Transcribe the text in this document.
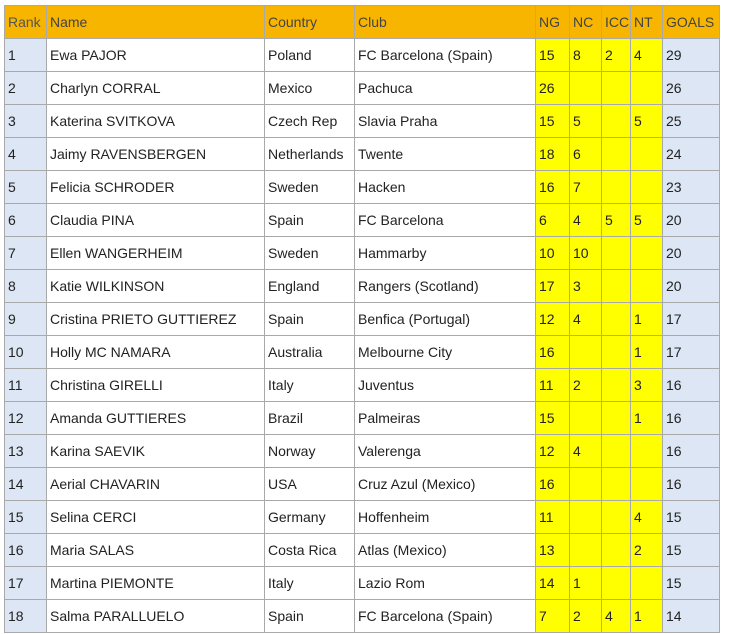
Rank	Name	Country	Club	NG	NC	ICC	NT	GOALS
1	Ewa PAJOR	Poland	FC Barcelona (Spain)	15	8	2	4	29
2	Charlyn CORRAL	Mexico	Pachuca	26				26
3	Katerina SVITKOVA	Czech Rep	Slavia Praha	15	5		5	25
4	Jaimy RAVENSBERGEN	Netherlands	Twente	18	6			24
5	Felicia SCHRODER	Sweden	Hacken	16	7			23
6	Claudia PINA	Spain	FC Barcelona	6	4	5	5	20
7	Ellen WANGERHEIM	Sweden	Hammarby	10	10			20
8	Katie WILKINSON	England	Rangers (Scotland)	17	3			20
9	Cristina PRIETO GUTTIEREZ	Spain	Benfica (Portugal)	12	4		1	17
10	Holly MC NAMARA	Australia	Melbourne City	16			1	17
11	Christina GIRELLI	Italy	Juventus	11	2		3	16
12	Amanda GUTTIERES	Brazil	Palmeiras	15			1	16
13	Karina SAEVIK	Norway	Valerenga	12	4			16
14	Aerial CHAVARIN	USA	Cruz Azul (Mexico)	16				16
15	Selina CERCI	Germany	Hoffenheim	11			4	15
16	Maria SALAS	Costa Rica	Atlas (Mexico)	13			2	15
17	Martina PIEMONTE	Italy	Lazio Rom	14	1			15
18	Salma PARALLUELO	Spain	FC Barcelona (Spain)	7	2	4	1	14
